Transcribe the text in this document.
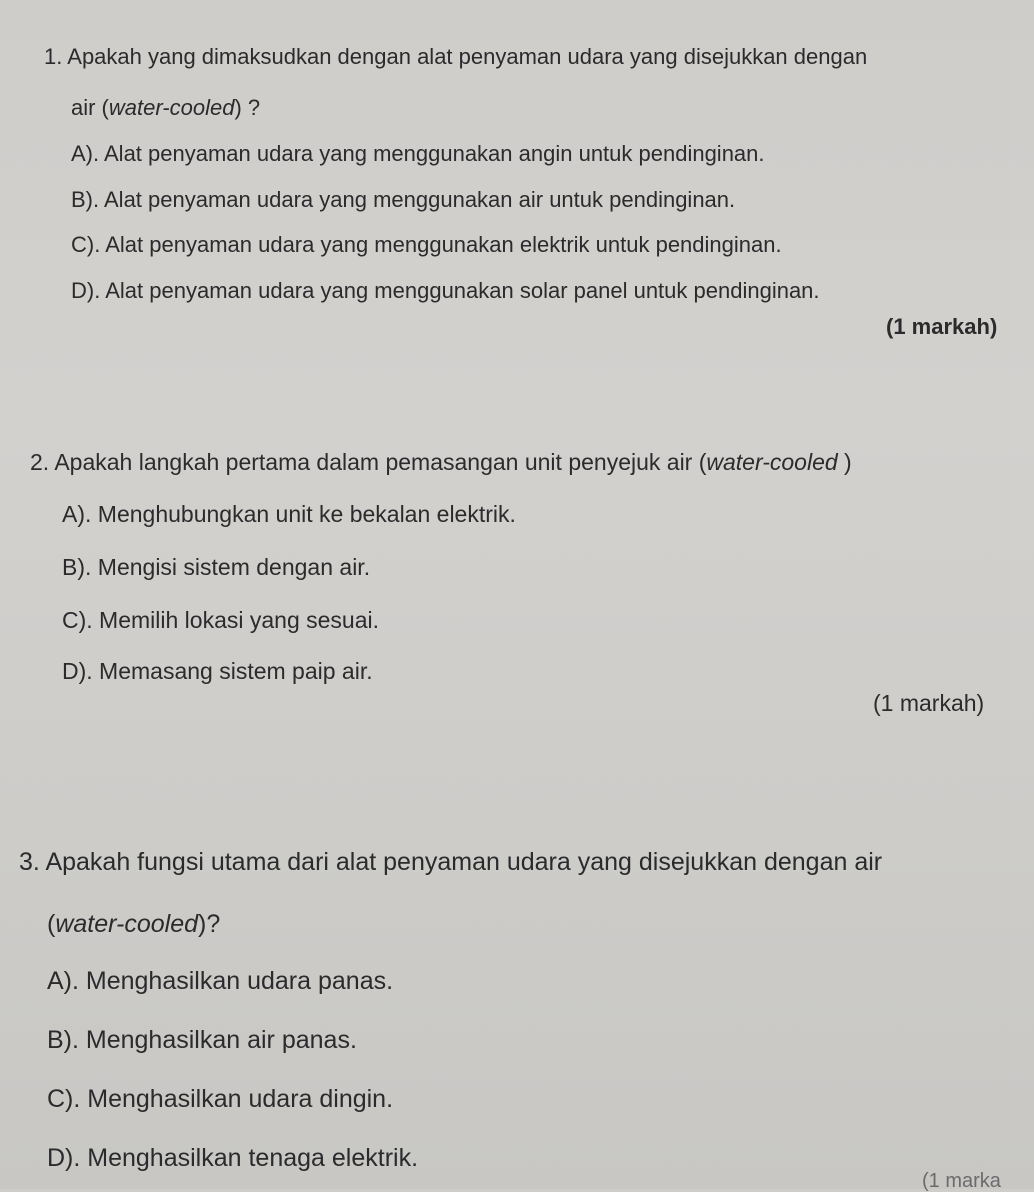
1. Apakah yang dimaksudkan dengan alat penyaman udara yang disejukkan dengan
air (water-cooled) ?
A). Alat penyaman udara yang menggunakan angin untuk pendinginan.
B). Alat penyaman udara yang menggunakan air untuk pendinginan.
C). Alat penyaman udara yang menggunakan elektrik untuk pendinginan.
D). Alat penyaman udara yang menggunakan solar panel untuk pendinginan.
(1 markah)
2. Apakah langkah pertama dalam pemasangan unit penyejuk air (water-cooled )
A). Menghubungkan unit ke bekalan elektrik.
B). Mengisi sistem dengan air.
C). Memilih lokasi yang sesuai.
D). Memasang sistem paip air.
(1 markah)
3. Apakah fungsi utama dari alat penyaman udara yang disejukkan dengan air
(water-cooled)?
A). Menghasilkan udara panas.
B). Menghasilkan air panas.
C). Menghasilkan udara dingin.
D). Menghasilkan tenaga elektrik.
(1 marka
